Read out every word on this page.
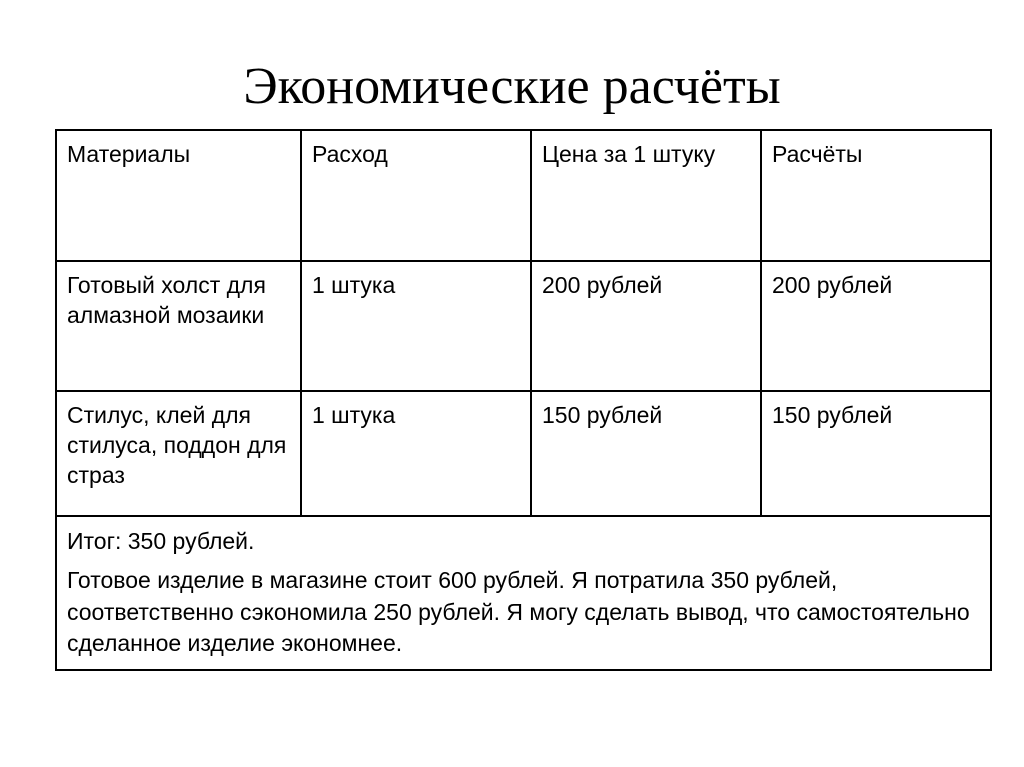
Экономические расчёты
Материалы	Расход	Цена за 1 штуку	Расчёты
Готовый холст для алмазной мозаики	1 штука	200 рублей	200 рублей
Стилус, клей для стилуса, поддон для страз	1 штука	150 рублей	150 рублей

Итог: 350 рублей.

Готовое изделие в магазине стоит 600 рублей. Я потратила 350 рублей, соответственно сэкономила 250 рублей. Я могу сделать вывод, что самостоятельно сделанное изделие экономнее.			
